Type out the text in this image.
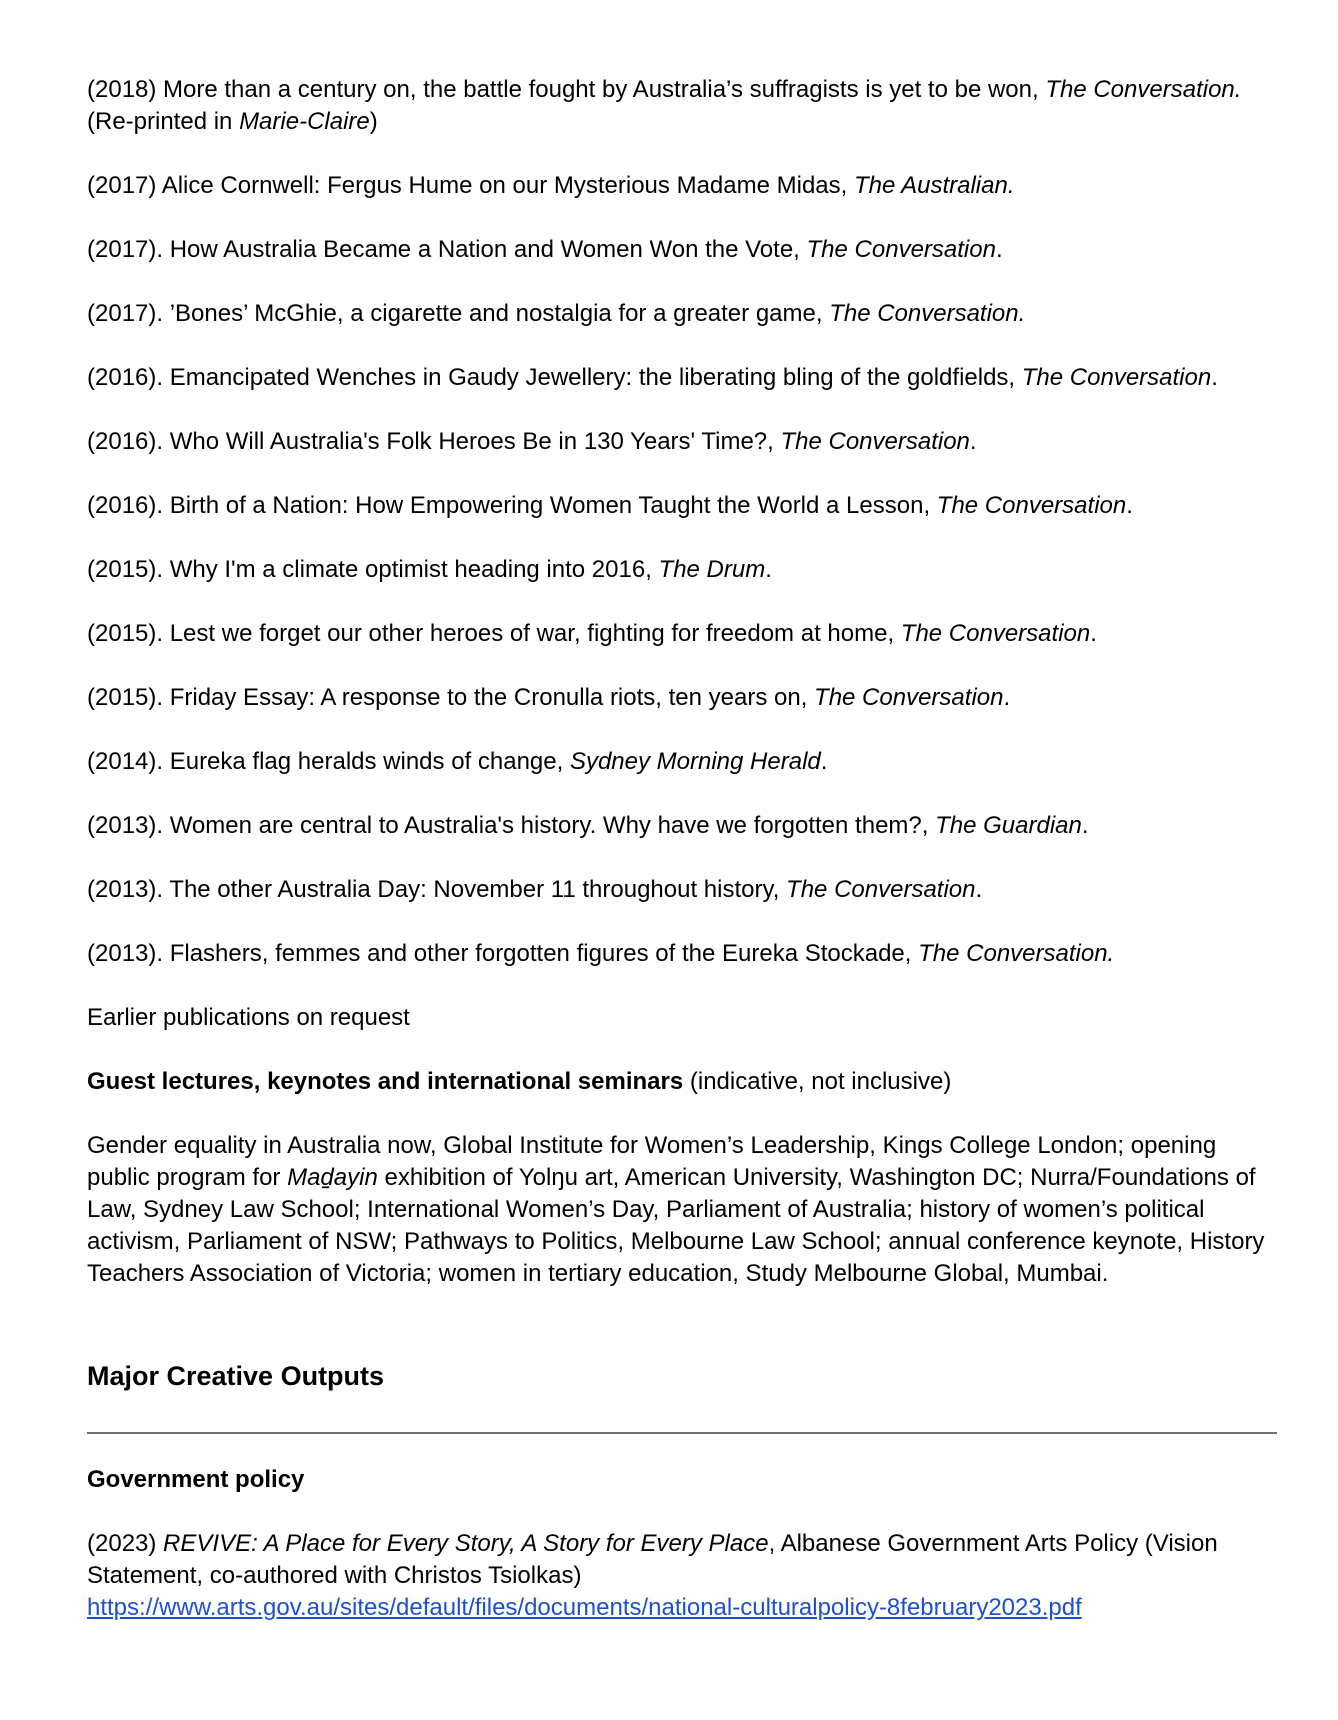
(2018) More than a century on, the battle fought by Australia’s suffragists is yet to be won, The Conversation.
(Re-printed in Marie-Claire)

(2017) Alice Cornwell: Fergus Hume on our Mysterious Madame Midas, The Australian.

(2017). How Australia Became a Nation and Women Won the Vote, The Conversation.

(2017). ’Bones’ McGhie, a cigarette and nostalgia for a greater game, The Conversation.

(2016). Emancipated Wenches in Gaudy Jewellery: the liberating bling of the goldfields, The Conversation.

(2016). Who Will Australia's Folk Heroes Be in 130 Years' Time?, The Conversation.

(2016). Birth of a Nation: How Empowering Women Taught the World a Lesson, The Conversation.

(2015). Why I'm a climate optimist heading into 2016, The Drum.

(2015). Lest we forget our other heroes of war, fighting for freedom at home, The Conversation.

(2015). Friday Essay: A response to the Cronulla riots, ten years on, The Conversation.

(2014). Eureka flag heralds winds of change, Sydney Morning Herald.

(2013). Women are central to Australia's history. Why have we forgotten them?, The Guardian.

(2013). The other Australia Day: November 11 throughout history, The Conversation.

(2013). Flashers, femmes and other forgotten figures of the Eureka Stockade, The Conversation.

Earlier publications on request

Guest lectures, keynotes and international seminars (indicative, not inclusive)

Gender equality in Australia now, Global Institute for Women’s Leadership, Kings College London; opening public program for Maḏayin exhibition of Yolŋu art, American University, Washington DC; Nurra/Foundations of Law, Sydney Law School; International Women’s Day, Parliament of Australia; history of women’s political activism, Parliament of NSW; Pathways to Politics, Melbourne Law School; annual conference keynote, History Teachers Association of Victoria; women in tertiary education, Study Melbourne Global, Mumbai.

Major Creative Outputs

Government policy

(2023) REVIVE: A Place for Every Story, A Story for Every Place, Albanese Government Arts Policy (Vision Statement, co-authored with Christos Tsiolkas)
https://www.arts.gov.au/sites/default/files/documents/national-culturalpolicy-8february2023.pdf
